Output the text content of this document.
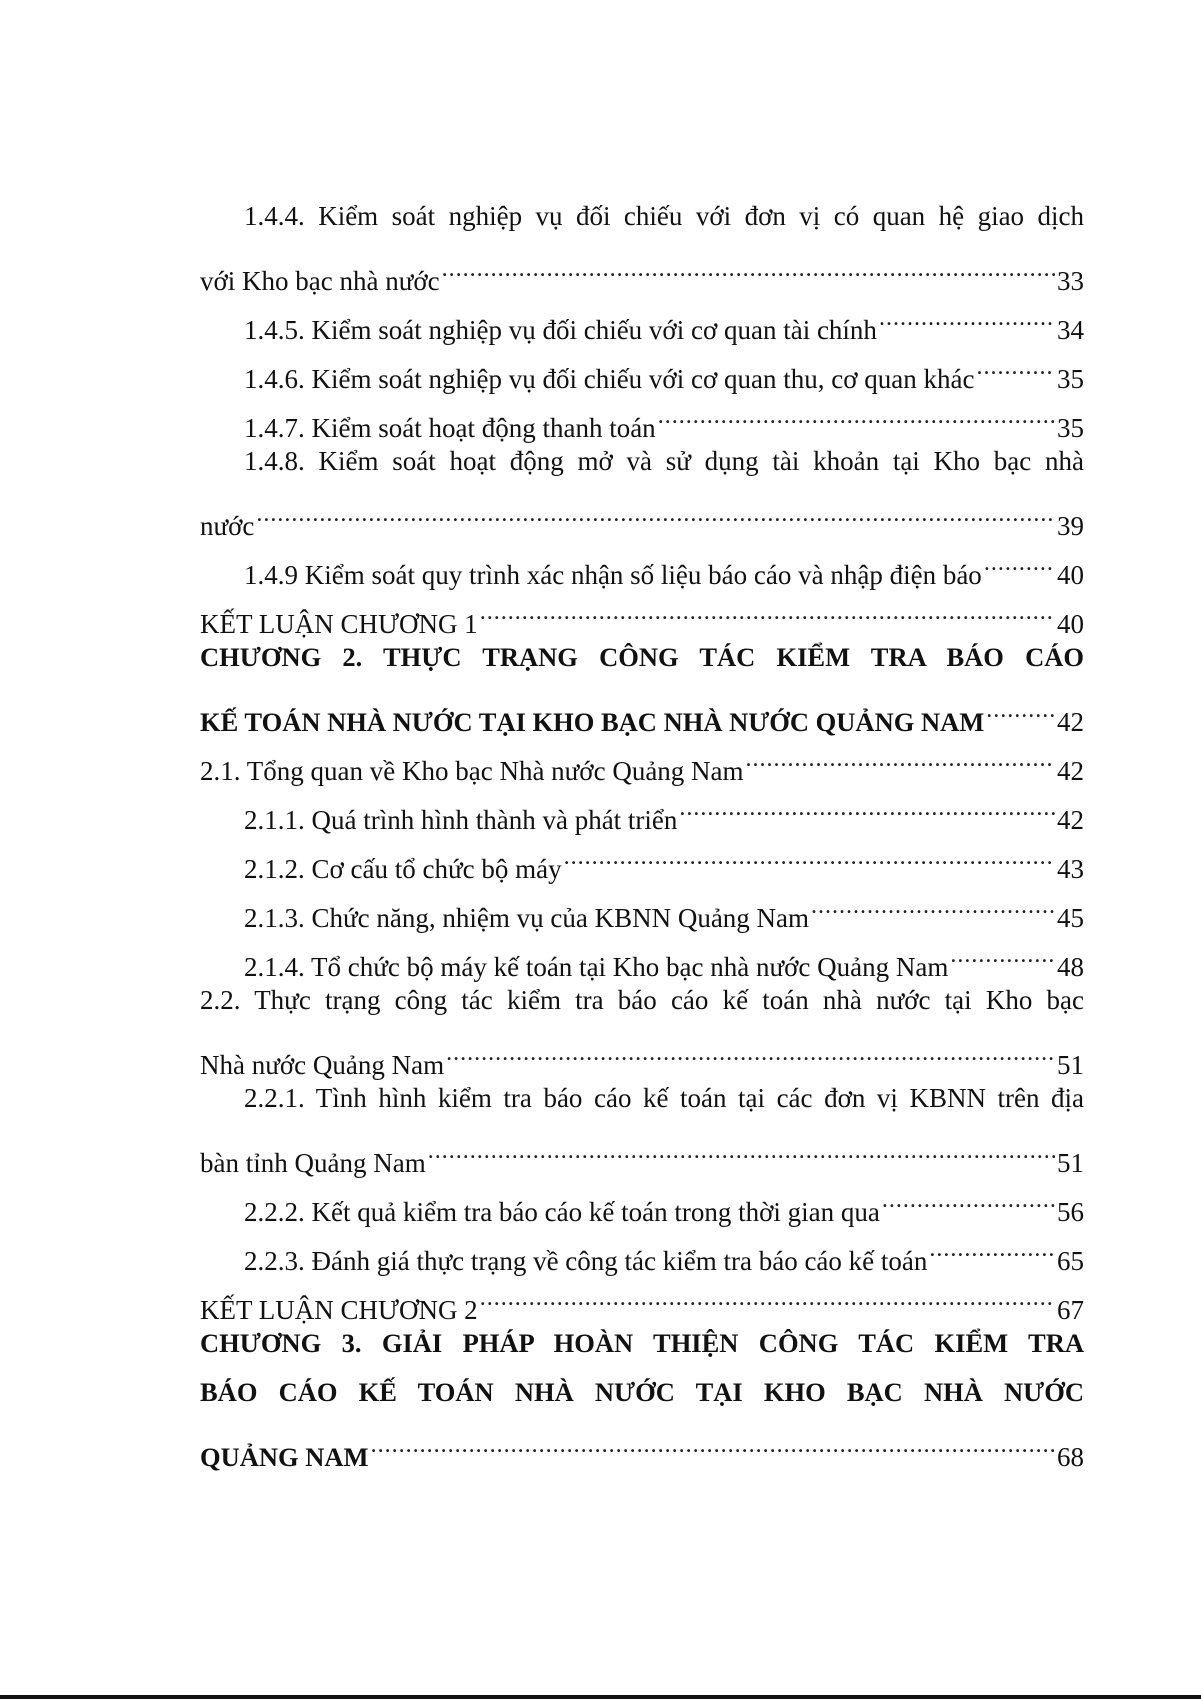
1.4.4. Kiểm soát nghiệp vụ đối chiếu với đơn vị có quan hệ giao dịch
với Kho bạc nhà nước .....	33
1.4.5. Kiểm soát nghiệp vụ đối chiếu với cơ quan tài chính .....	34
1.4.6. Kiểm soát nghiệp vụ đối chiếu với cơ quan thu, cơ quan khác .....	35
1.4.7. Kiểm soát hoạt động thanh toán .....	35
1.4.8. Kiểm soát hoạt động mở và sử dụng tài khoản tại Kho bạc nhà
nước .....	39
1.4.9 Kiểm soát quy trình xác nhận số liệu báo cáo và nhập điện báo .....	40
KẾT LUẬN CHƯƠNG 1 .....	40
CHƯƠNG 2. THỰC TRẠNG CÔNG TÁC KIỂM TRA BÁO CÁO
KẾ TOÁN NHÀ NƯỚC TẠI KHO BẠC NHÀ NƯỚC QUẢNG NAM .....	42
2.1. Tổng quan về Kho bạc Nhà nước Quảng Nam .....	42
2.1.1. Quá trình hình thành và phát triển .....	42
2.1.2. Cơ cấu tổ chức bộ máy .....	43
2.1.3. Chức năng, nhiệm vụ của KBNN Quảng Nam .....	45
2.1.4. Tổ chức bộ máy kế toán tại Kho bạc nhà nước Quảng Nam .....	48
2.2. Thực trạng công tác kiểm tra báo cáo kế toán nhà nước tại Kho bạc
Nhà nước Quảng Nam .....	51
2.2.1. Tình hình kiểm tra báo cáo kế toán tại các đơn vị KBNN trên địa
bàn tỉnh Quảng Nam .....	51
2.2.2. Kết quả kiểm tra báo cáo kế toán trong thời gian qua .....	56
2.2.3. Đánh giá thực trạng về công tác kiểm tra báo cáo kế toán .....	65
KẾT LUẬN CHƯƠNG 2 .....	67
CHƯƠNG 3. GIẢI PHÁP HOÀN THIỆN CÔNG TÁC KIỂM TRA
BÁO CÁO KẾ TOÁN NHÀ NƯỚC TẠI KHO BẠC NHÀ NƯỚC
QUẢNG NAM .....	68
